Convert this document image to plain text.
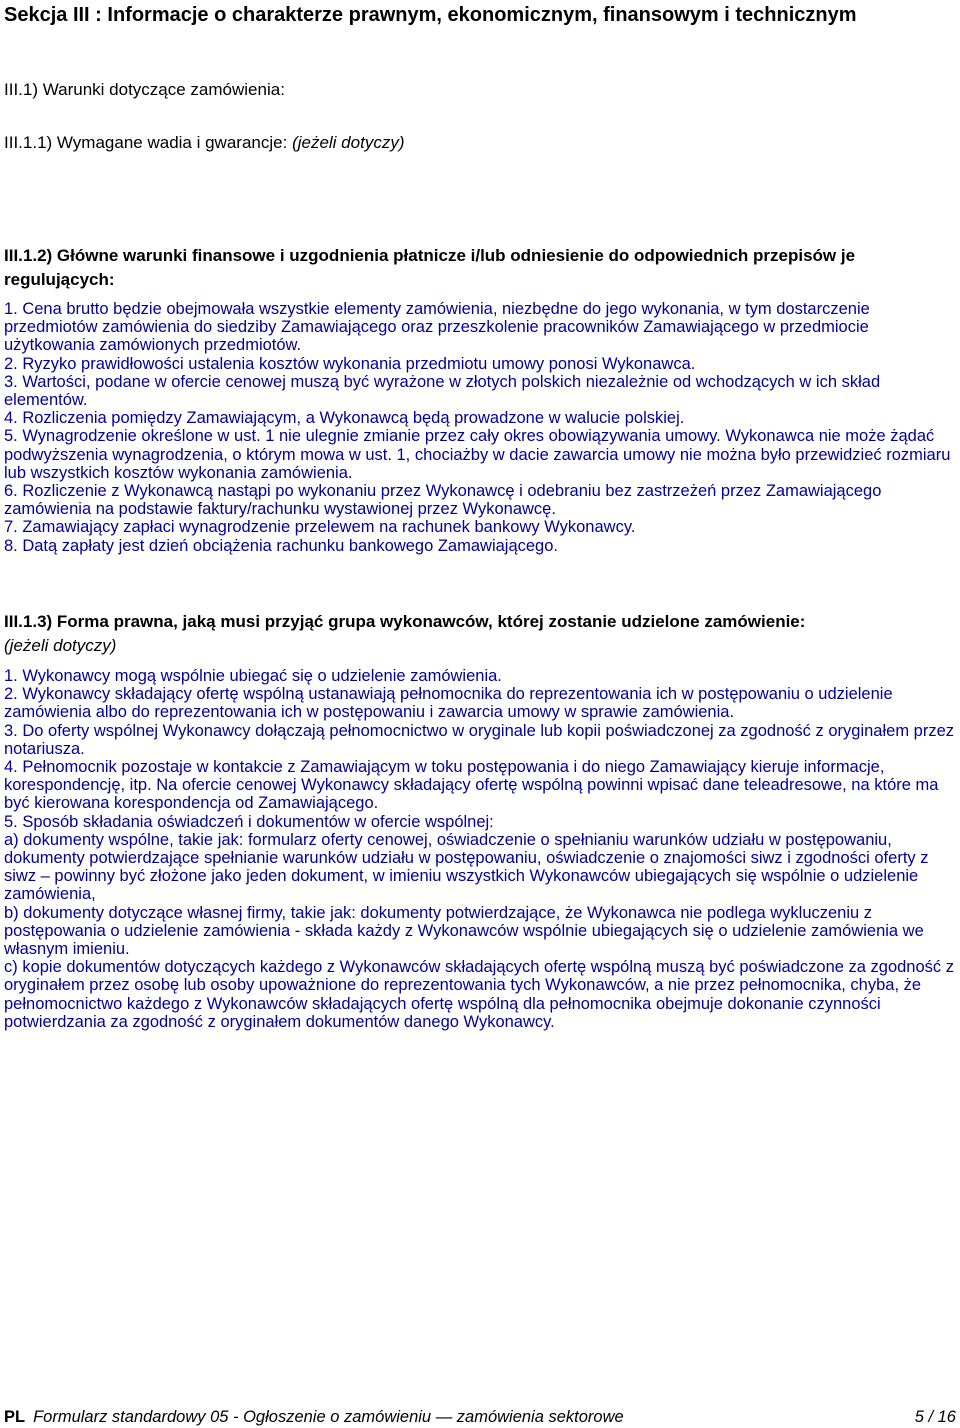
Sekcja III : Informacje o charakterze prawnym, ekonomicznym, finansowym i technicznym
III.1) Warunki dotyczące zamówienia:
III.1.1) Wymagane wadia i gwarancje: (jeżeli dotyczy)
III.1.2) Główne warunki finansowe i uzgodnienia płatnicze i/lub odniesienie do odpowiednich przepisów je regulujących:

1. Cena brutto będzie obejmowała wszystkie elementy zamówienia, niezbędne do jego wykonania, w tym dostarczenie przedmiotów zamówienia do siedziby Zamawiającego oraz przeszkolenie pracowników Zamawiającego w przedmiocie użytkowania zamówionych przedmiotów.

2. Ryzyko prawidłowości ustalenia kosztów wykonania przedmiotu umowy ponosi Wykonawca.

3. Wartości, podane w ofercie cenowej muszą być wyrażone w złotych polskich niezależnie od wchodzących w ich skład elementów.

4. Rozliczenia pomiędzy Zamawiającym, a Wykonawcą będą prowadzone w walucie polskiej.

5. Wynagrodzenie określone w ust. 1 nie ulegnie zmianie przez cały okres obowiązywania umowy. Wykonawca nie może żądać podwyższenia wynagrodzenia, o którym mowa w ust. 1, chociażby w dacie zawarcia umowy nie można było przewidzieć rozmiaru lub wszystkich kosztów wykonania zamówienia.

6. Rozliczenie z Wykonawcą nastąpi po wykonaniu przez Wykonawcę i odebraniu bez zastrzeżeń przez Zamawiającego zamówienia na podstawie faktury/rachunku wystawionej przez Wykonawcę.

7. Zamawiający zapłaci wynagrodzenie przelewem na rachunek bankowy Wykonawcy.

8. Datą zapłaty jest dzień obciążenia rachunku bankowego Zamawiającego.

III.1.3) Forma prawna, jaką musi przyjąć grupa wykonawców, której zostanie udzielone zamówienie:
(jeżeli dotyczy)

1. Wykonawcy mogą wspólnie ubiegać się o udzielenie zamówienia.

2. Wykonawcy składający ofertę wspólną ustanawiają pełnomocnika do reprezentowania ich w postępowaniu o udzielenie zamówienia albo do reprezentowania ich w postępowaniu i zawarcia umowy w sprawie zamówienia.

3. Do oferty wspólnej Wykonawcy dołączają pełnomocnictwo w oryginale lub kopii poświadczonej za zgodność z oryginałem przez notariusza.

4. Pełnomocnik pozostaje w kontakcie z Zamawiającym w toku postępowania i do niego Zamawiający kieruje informacje, korespondencję, itp. Na ofercie cenowej Wykonawcy składający ofertę wspólną powinni wpisać dane teleadresowe, na które ma być kierowana korespondencja od Zamawiającego.

5. Sposób składania oświadczeń i dokumentów w ofercie wspólnej:

a) dokumenty wspólne, takie jak: formularz oferty cenowej, oświadczenie o spełnianiu warunków udziału w postępowaniu, dokumenty potwierdzające spełnianie warunków udziału w postępowaniu, oświadczenie o znajomości siwz i zgodności oferty z siwz – powinny być złożone jako jeden dokument, w imieniu wszystkich Wykonawców ubiegających się wspólnie o udzielenie zamówienia,

b) dokumenty dotyczące własnej firmy, takie jak: dokumenty potwierdzające, że Wykonawca nie podlega wykluczeniu z postępowania o udzielenie zamówienia - składa każdy z Wykonawców wspólnie ubiegających się o udzielenie zamówienia we własnym imieniu.

c) kopie dokumentów dotyczących każdego z Wykonawców składających ofertę wspólną muszą być poświadczone za zgodność z oryginałem przez osobę lub osoby upoważnione do reprezentowania tych Wykonawców, a nie przez pełnomocnika, chyba, że pełnomocnictwo każdego z Wykonawców składających ofertę wspólną dla pełnomocnika obejmuje dokonanie czynności potwierdzania za zgodność z oryginałem dokumentów danego Wykonawcy.

PL Formularz standardowy 05 - Ogłoszenie o zamówieniu — zamówienia sektorowe	5 / 16
